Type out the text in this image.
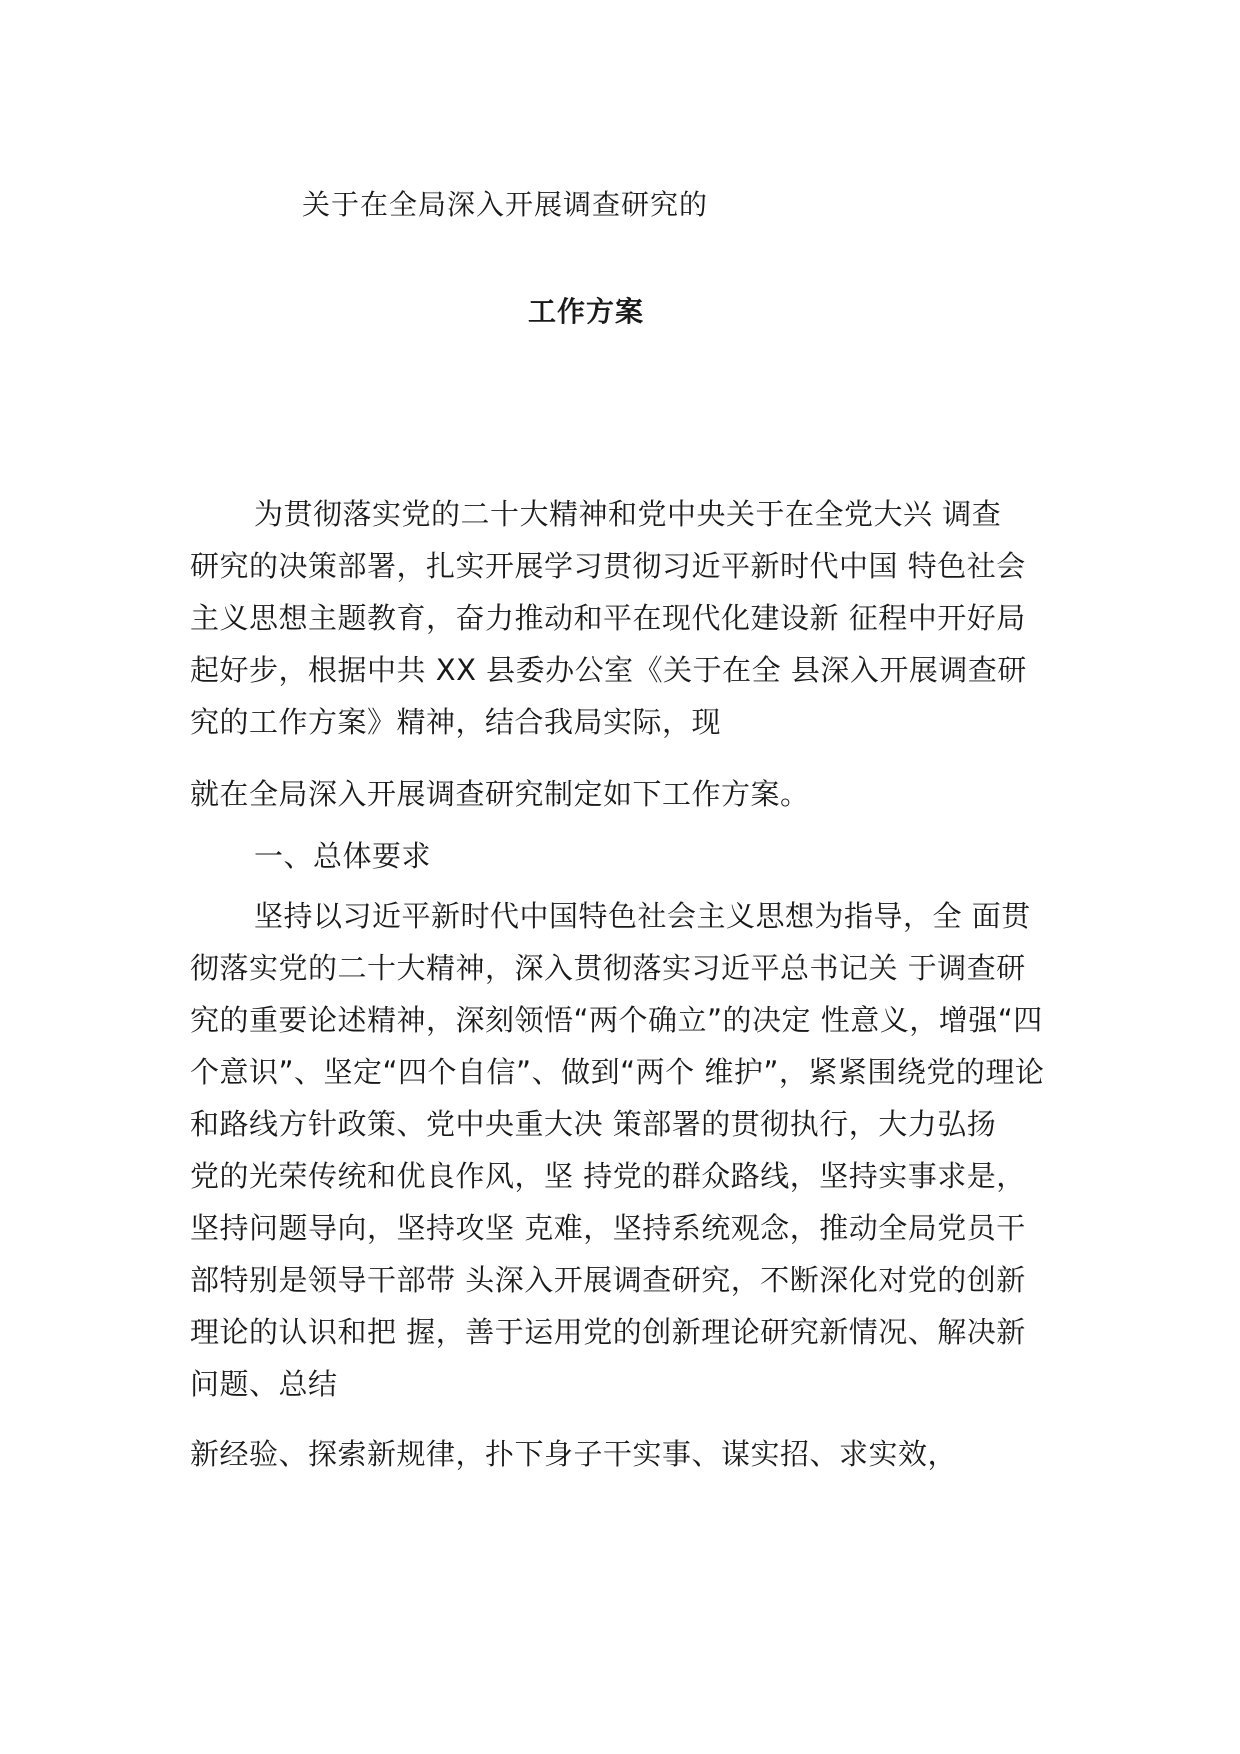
关于在全局深入开展调查研究的
工作方案
为贯彻落实党的二十大精神和党中央关于在全党大兴 调查
研究的决策部署，扎实开展学习贯彻习近平新时代中国 特色社会
主义思想主题教育，奋力推动和平在现代化建设新 征程中开好局
起好步，根据中共 XX 县委办公室《关于在全 县深入开展调查研
究的工作方案》精神，结合我局实际，现
就在全局深入开展调查研究制定如下工作方案。
一、总体要求
坚持以习近平新时代中国特色社会主义思想为指导，全 面贯
彻落实党的二十大精神，深入贯彻落实习近平总书记关 于调查研
究的重要论述精神，深刻领悟“两个确立”的决定 性意义，增强“四
个意识”、坚定“四个自信”、做到“两个 维护”，紧紧围绕党的理论
和路线方针政策、党中央重大决 策部署的贯彻执行，大力弘扬
党的光荣传统和优良作风，坚 持党的群众路线，坚持实事求是，
坚持问题导向，坚持攻坚 克难，坚持系统观念，推动全局党员干
部特别是领导干部带 头深入开展调查研究，不断深化对党的创新
理论的认识和把 握，善于运用党的创新理论研究新情况、解决新
问题、总结
新经验、探索新规律，扑下身子干实事、谋实招、求实效，
